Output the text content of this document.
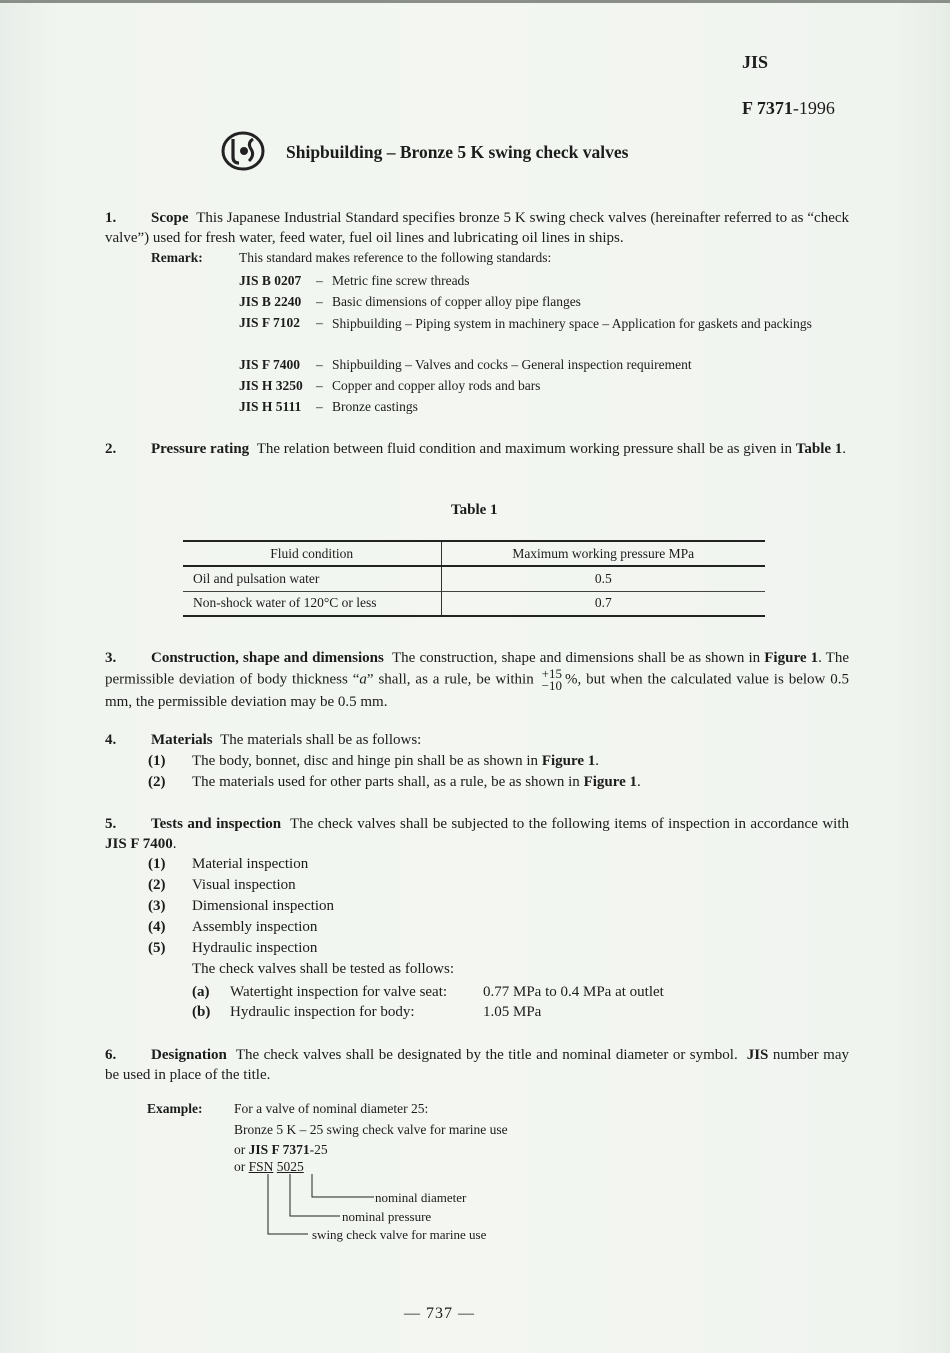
JIS
F 7371-1996
Shipbuilding – Bronze 5 K swing check valves
1. Scope This Japanese Industrial Standard specifies bronze 5 K swing check valves (hereinafter referred to as “check valve”) used for fresh water, feed water, fuel oil lines and lubricating oil lines in ships.
Remark:	This standard makes reference to the following standards:
JIS B 0207 – Metric fine screw threads
JIS B 2240 – Basic dimensions of copper alloy pipe flanges
JIS F 7102 – Shipbuilding – Piping system in machinery space – Application for gaskets and packings
JIS F 7400 – Shipbuilding – Valves and cocks – General inspection requirement
JIS H 3250 – Copper and copper alloy rods and bars
JIS H 5111 – Bronze castings
2. Pressure rating The relation between fluid condition and maximum working pressure shall be as given in Table 1.
Table 1
Fluid condition	Maximum working pressure MPa
Oil and pulsation water	0.5
Non-shock water of 120°C or less	0.7
3. Construction, shape and dimensions The construction, shape and dimensions shall be as shown in Figure 1. The permissible deviation of body thickness “a” shall, as a rule, be within +15
−10 %, but when the calculated value is below 0.5 mm, the permissible deviation may be 0.5 mm.
4. Materials The materials shall be as follows:
(1) The body, bonnet, disc and hinge pin shall be as shown in Figure 1.
(2) The materials used for other parts shall, as a rule, be as shown in Figure 1.
5. Tests and inspection The check valves shall be subjected to the following items of inspection in accordance with JIS F 7400.
(1) Material inspection
(2) Visual inspection
(3) Dimensional inspection
(4) Assembly inspection
(5) Hydraulic inspection
The check valves shall be tested as follows:
(a) Watertight inspection for valve seat: 0.77 MPa to 0.4 MPa at outlet
(b) Hydraulic inspection for body:	1.05 MPa
6. Designation The check valves shall be designated by the title and nominal diameter or symbol. JIS number may be used in place of the title.
Example: For a valve of nominal diameter 25:
Bronze 5 K – 25 swing check valve for marine use
or JIS F 7371-25
or FSN 5025
nominal diameter
nominal pressure
swing check valve for marine use
— 737 —
